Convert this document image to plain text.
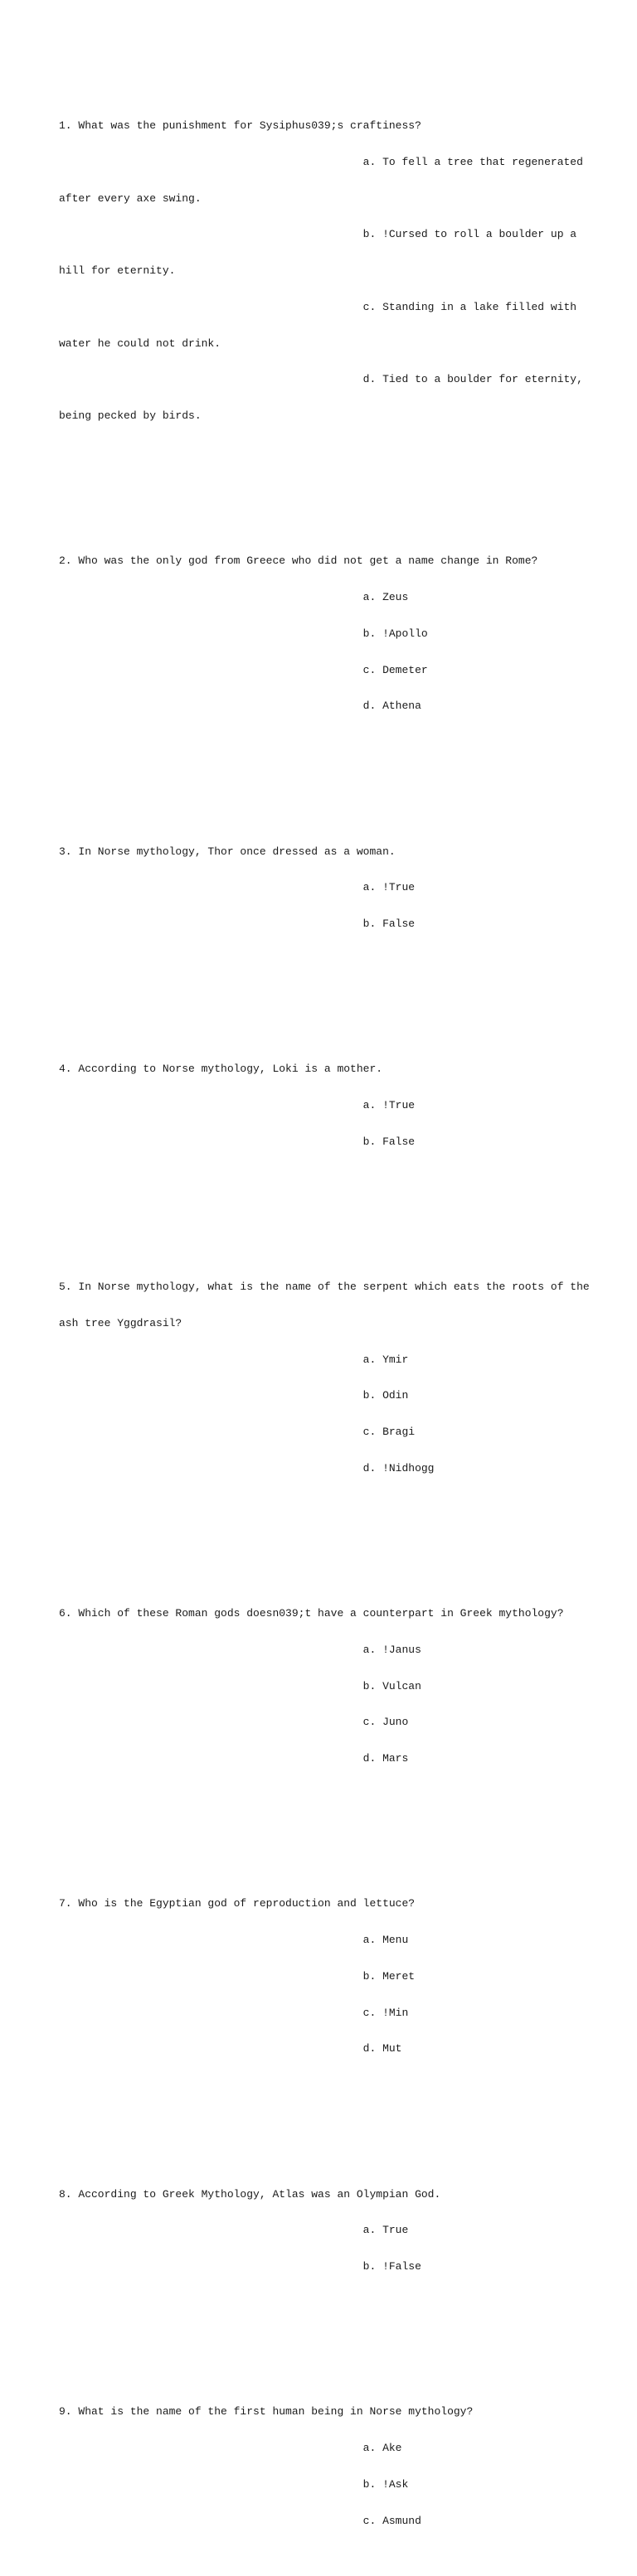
1. What was the punishment for Sysiphus039;s craftiness?

a. To fell a tree that regenerated

after every axe swing.

b. !Cursed to roll a boulder up a

hill for eternity.

c. Standing in a lake filled with

water he could not drink.

d. Tied to a boulder for eternity,

being pecked by birds.

2. Who was the only god from Greece who did not get a name change in Rome?

a. Zeus

b. !Apollo

c. Demeter

d. Athena

3. In Norse mythology, Thor once dressed as a woman.

a. !True

b. False

4. According to Norse mythology, Loki is a mother.

a. !True

b. False

5. In Norse mythology, what is the name of the serpent which eats the roots of the

ash tree Yggdrasil?

a. Ymir

b. Odin

c. Bragi

d. !Nidhogg

6. Which of these Roman gods doesn039;t have a counterpart in Greek mythology?

a. !Janus

b. Vulcan

c. Juno

d. Mars

7. Who is the Egyptian god of reproduction and lettuce?

a. Menu

b. Meret

c. !Min

d. Mut

8. According to Greek Mythology, Atlas was an Olympian God.

a. True

b. !False

9. What is the name of the first human being in Norse mythology?

a. Ake

b. !Ask

c. Asmund
